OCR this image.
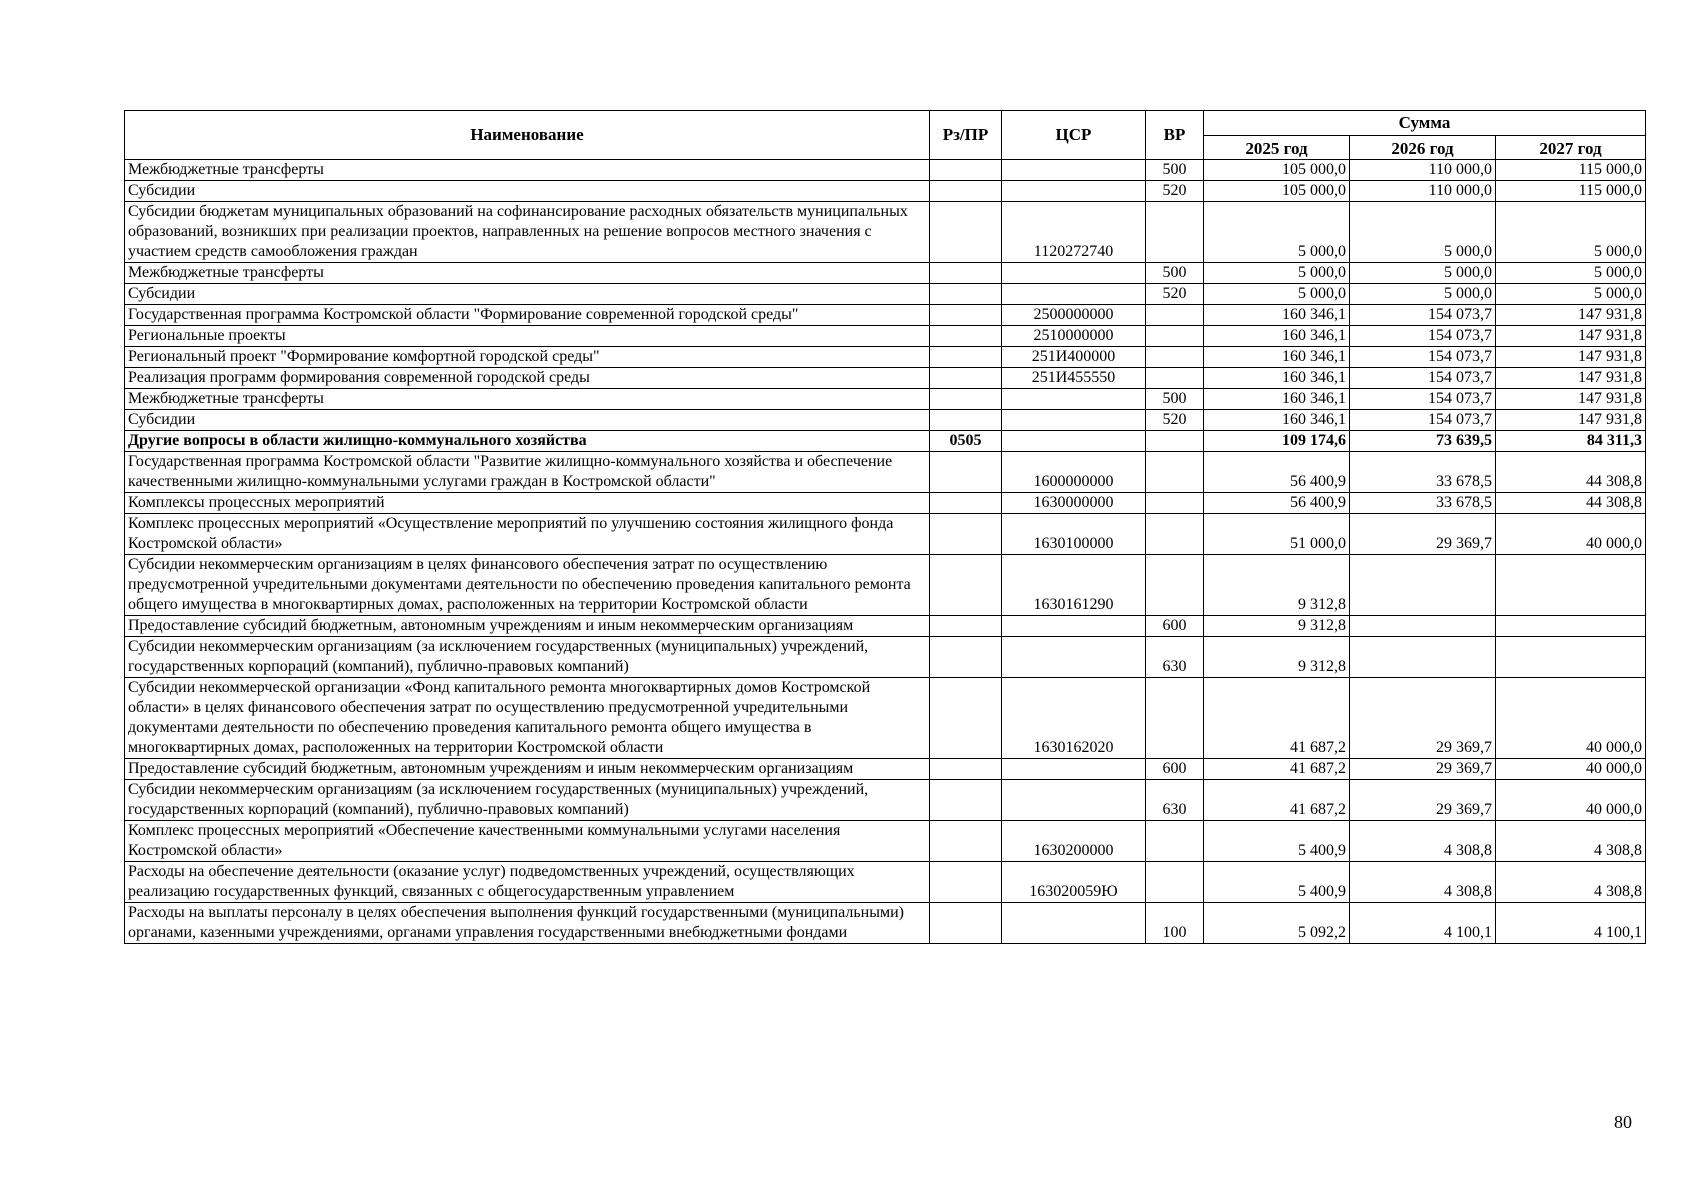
Наименование	Рз/ПР	ЦСР	ВР	Сумма		
				2025 год	2026 год	2027 год
Межбюджетные трансферты			500	105 000,0	110 000,0	115 000,0
Субсидии			520	105 000,0	110 000,0	115 000,0
Субсидии бюджетам муниципальных образований на софинансирование расходных обязательств муниципальных образований, возникших при реализации проектов, направленных на решение вопросов местного значения с участием средств самообложения граждан		1120272740		5 000,0	5 000,0	5 000,0
Межбюджетные трансферты			500	5 000,0	5 000,0	5 000,0
Субсидии			520	5 000,0	5 000,0	5 000,0
Государственная программа Костромской области "Формирование современной городской среды"		2500000000		160 346,1	154 073,7	147 931,8
Региональные проекты		2510000000		160 346,1	154 073,7	147 931,8
Региональный проект "Формирование комфортной городской среды"		251И400000		160 346,1	154 073,7	147 931,8
Реализация программ формирования современной городской среды		251И455550		160 346,1	154 073,7	147 931,8
Межбюджетные трансферты			500	160 346,1	154 073,7	147 931,8
Субсидии			520	160 346,1	154 073,7	147 931,8
Другие вопросы в области жилищно-коммунального хозяйства	0505			109 174,6	73 639,5	84 311,3
Государственная программа Костромской области "Развитие жилищно-коммунального хозяйства и обеспечение качественными жилищно-коммунальными услугами граждан в Костромской области"		1600000000		56 400,9	33 678,5	44 308,8
Комплексы процессных мероприятий		1630000000		56 400,9	33 678,5	44 308,8
Комплекс процессных мероприятий «Осуществление мероприятий по улучшению состояния жилищного фонда Костромской области»		1630100000		51 000,0	29 369,7	40 000,0
Субсидии некоммерческим организациям в целях финансового обеспечения затрат по осуществлению предусмотренной учредительными документами деятельности по обеспечению проведения капитального ремонта общего имущества в многоквартирных домах, расположенных на территории Костромской области		1630161290		9 312,8		
Предоставление субсидий бюджетным, автономным учреждениям и иным некоммерческим организациям			600	9 312,8		
Субсидии некоммерческим организациям (за исключением государственных (муниципальных) учреждений, государственных корпораций (компаний), публично-правовых компаний)			630	9 312,8		
Субсидии некоммерческой организации «Фонд капитального ремонта многоквартирных домов Костромской области» в целях финансового обеспечения затрат по осуществлению предусмотренной учредительными документами деятельности по обеспечению проведения капитального ремонта общего имущества в многоквартирных домах, расположенных на территории Костромской области		1630162020		41 687,2	29 369,7	40 000,0
Предоставление субсидий бюджетным, автономным учреждениям и иным некоммерческим организациям			600	41 687,2	29 369,7	40 000,0
Субсидии некоммерческим организациям (за исключением государственных (муниципальных) учреждений, государственных корпораций (компаний), публично-правовых компаний)			630	41 687,2	29 369,7	40 000,0
Комплекс процессных мероприятий «Обеспечение качественными коммунальными услугами населения Костромской области»		1630200000		5 400,9	4 308,8	4 308,8
Расходы на обеспечение деятельности (оказание услуг) подведомственных учреждений, осуществляющих реализацию государственных функций, связанных с общегосударственным управлением		163020059Ю		5 400,9	4 308,8	4 308,8
Расходы на выплаты персоналу в целях обеспечения выполнения функций государственными (муниципальными) органами, казенными учреждениями, органами управления государственными внебюджетными фондами			100	5 092,2	4 100,1	4 100,1
80
